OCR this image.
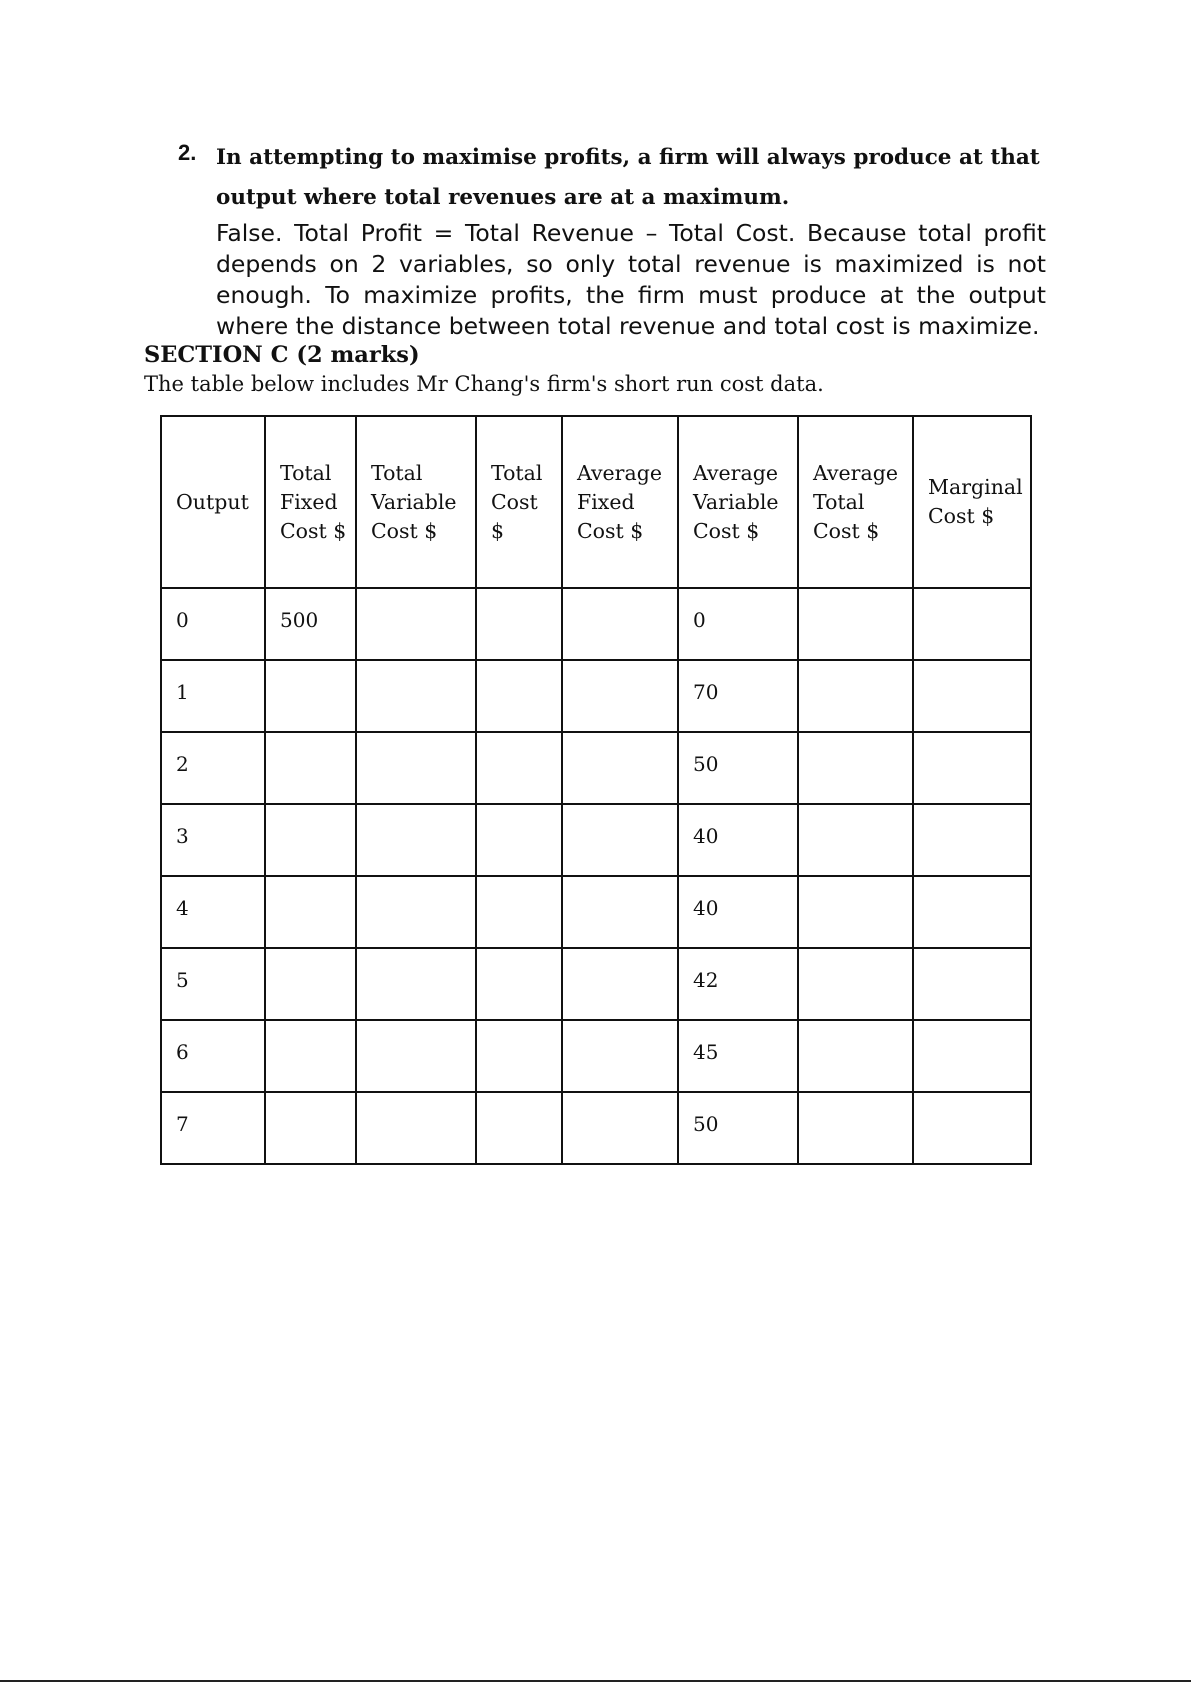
2. In attempting to maximise profits, a firm will always produce at that output where total revenues are at a maximum.
False. Total Profit = Total Revenue – Total Cost. Because total profit depends on 2 variables, so only total revenue is maximized is not enough. To maximize profits, the firm must produce at the output where the distance between total revenue and total cost is maximize.
SECTION C (2 marks)
The table below includes Mr Chang's firm's short run cost data.
Output	Total Fixed Cost $	Total Variable Cost $	Total Cost $	Average Fixed Cost $	Average Variable Cost $	Average Total Cost $	Marginal Cost $
0	500				0		
1					70		
2					50		
3					40		
4					40		
5					42		
6					45		
7					50		
